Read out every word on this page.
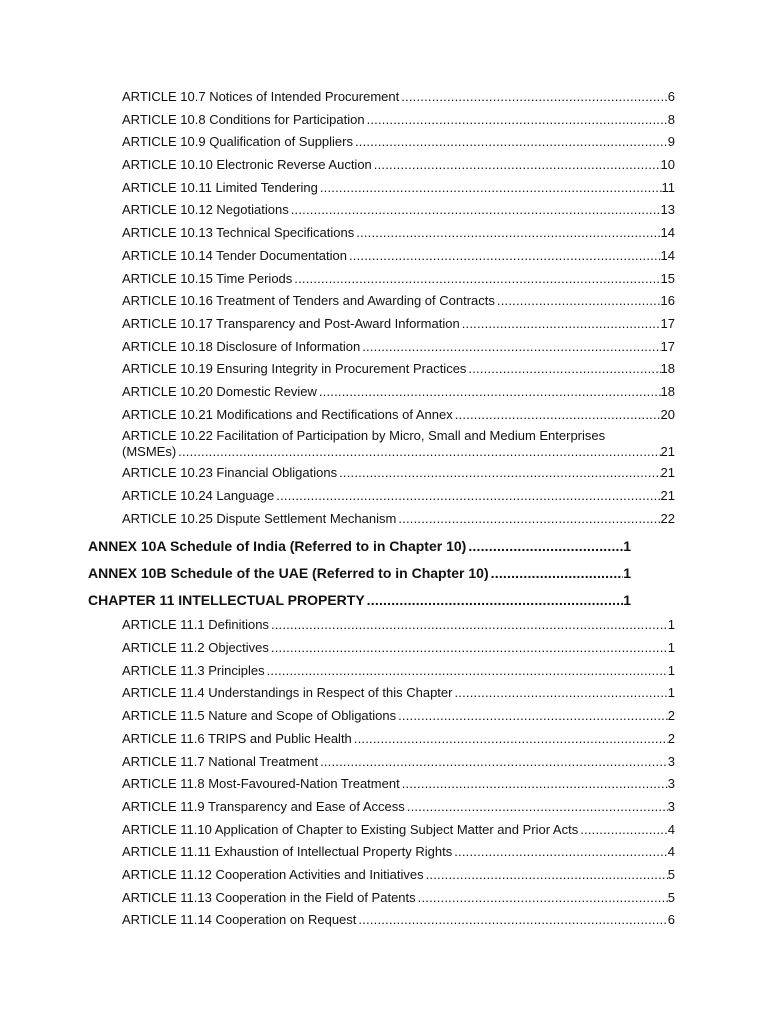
ARTICLE 10.7 Notices of Intended Procurement .....	6
ARTICLE 10.8 Conditions for Participation .....	8
ARTICLE 10.9 Qualification of Suppliers .....	9
ARTICLE 10.10 Electronic Reverse Auction .....	10
ARTICLE 10.11 Limited Tendering .....	11
ARTICLE 10.12 Negotiations .....	13
ARTICLE 10.13 Technical Specifications .....	14
ARTICLE 10.14 Tender Documentation .....	14
ARTICLE 10.15 Time Periods .....	15
ARTICLE 10.16 Treatment of Tenders and Awarding of Contracts .....	16
ARTICLE 10.17 Transparency and Post-Award Information .....	17
ARTICLE 10.18 Disclosure of Information .....	17
ARTICLE 10.19 Ensuring Integrity in Procurement Practices .....	18
ARTICLE 10.20 Domestic Review .....	18
ARTICLE 10.21 Modifications and Rectifications of Annex .....	20
ARTICLE 10.22 Facilitation of Participation by Micro, Small and Medium Enterprises
(MSMEs) .....	21
ARTICLE 10.23 Financial Obligations .....	21
ARTICLE 10.24 Language .....	21
ARTICLE 10.25 Dispute Settlement Mechanism .....	22
ANNEX 10A Schedule of India (Referred to in Chapter 10) .....	1
ANNEX 10B Schedule of the UAE (Referred to in Chapter 10) .....	1
CHAPTER 11 INTELLECTUAL PROPERTY .....	1
ARTICLE 11.1 Definitions .....	1
ARTICLE 11.2 Objectives .....	1
ARTICLE 11.3 Principles .....	1
ARTICLE 11.4 Understandings in Respect of this Chapter .....	1
ARTICLE 11.5 Nature and Scope of Obligations .....	2
ARTICLE 11.6 TRIPS and Public Health .....	2
ARTICLE 11.7 National Treatment .....	3
ARTICLE 11.8 Most-Favoured-Nation Treatment .....	3
ARTICLE 11.9 Transparency and Ease of Access .....	3
ARTICLE 11.10 Application of Chapter to Existing Subject Matter and Prior Acts .....	4
ARTICLE 11.11 Exhaustion of Intellectual Property Rights .....	4
ARTICLE 11.12 Cooperation Activities and Initiatives .....	5
ARTICLE 11.13 Cooperation in the Field of Patents .....	5
ARTICLE 11.14 Cooperation on Request .....	6
